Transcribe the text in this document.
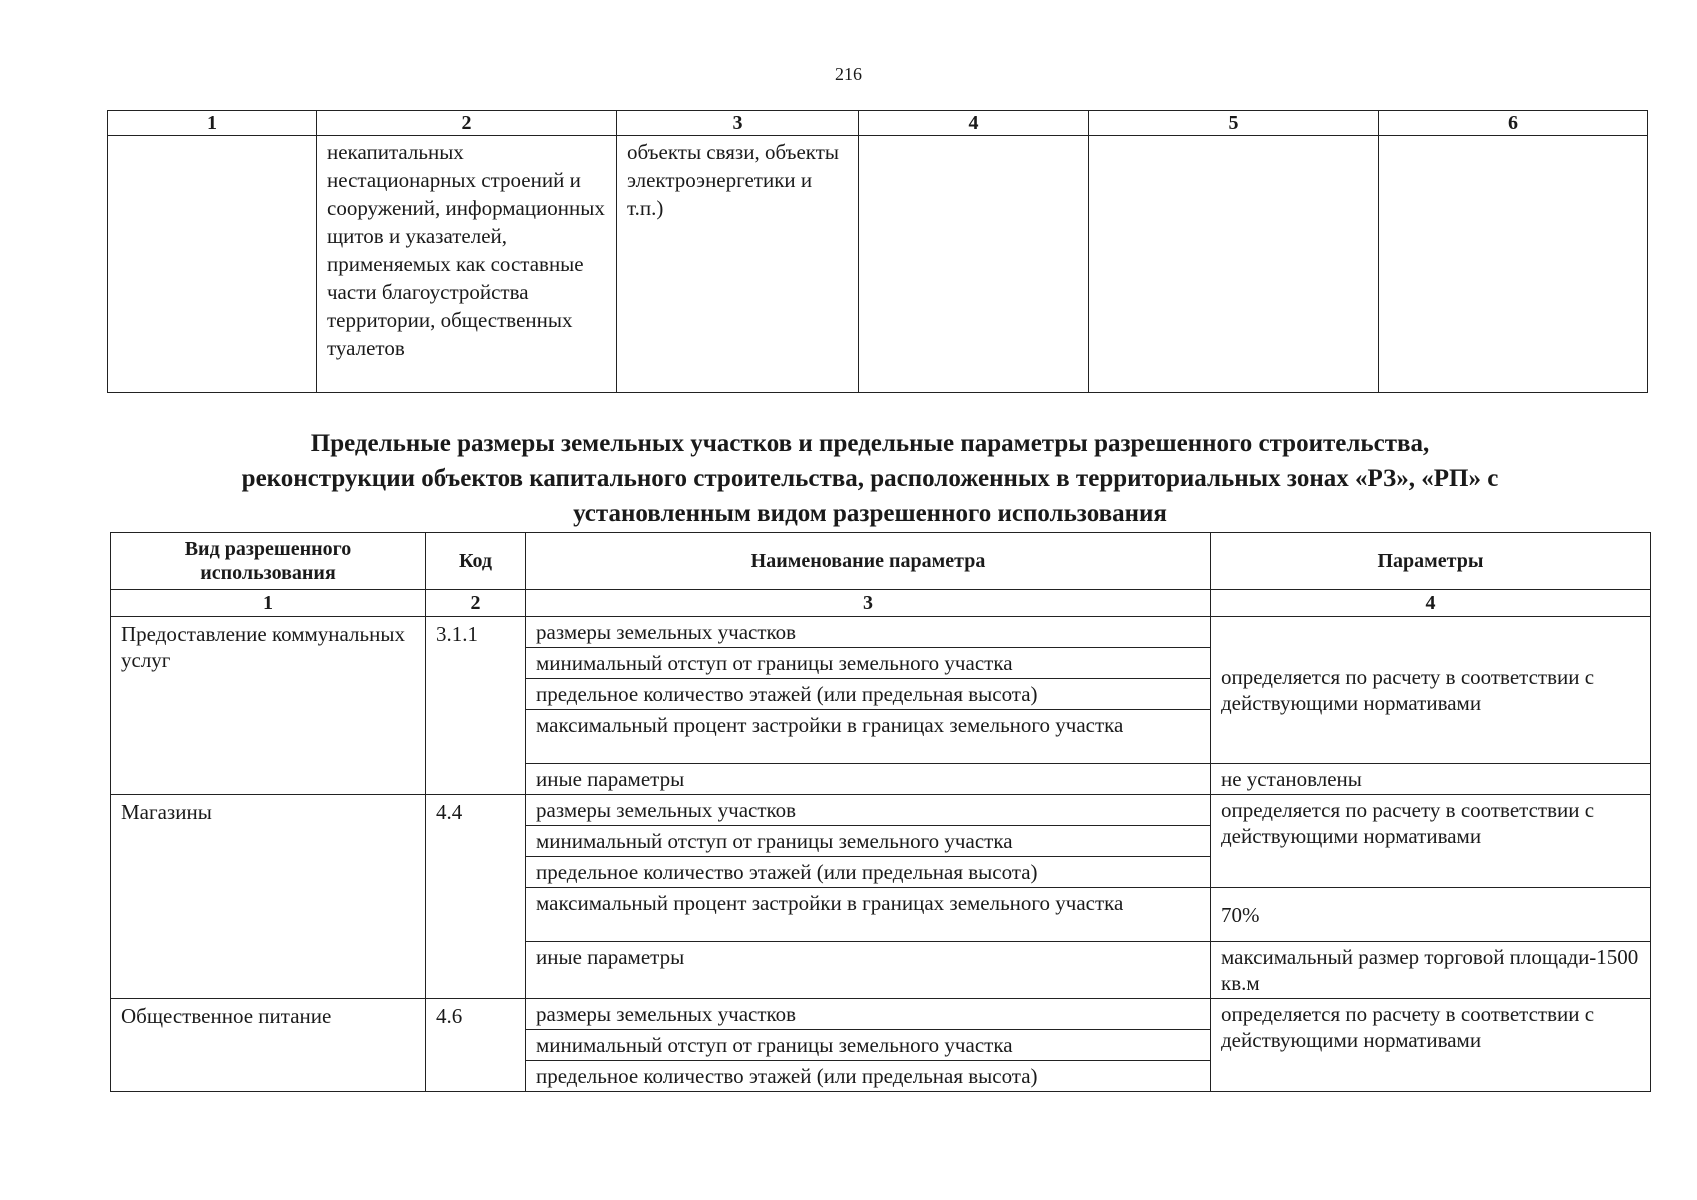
216
1	2	3	4	5	6
	некапитальных нестационарных строений и сооружений, информационных щитов и указателей, применяемых как составные части благоустройства территории, общественных туалетов	объекты связи, объекты электроэнергетики и т.п.)			
Предельные размеры земельных участков и предельные параметры разрешенного строительства,
реконструкции объектов капитального строительства, расположенных в территориальных зонах «РЗ», «РП» с
установленным видом разрешенного использования
Вид разрешенного использования	Код	Наименование параметра	Параметры
1	2	3	4
Предоставление коммунальных услуг	3.1.1	размеры земельных участков	определяется по расчету в соответствии с действующими нормативами
		минимальный отступ от границы земельного участка	
		предельное количество этажей (или предельная высота)	
		максимальный процент застройки в границах земельного участка	
		иные параметры	не установлены
Магазины	4.4	размеры земельных участков	определяется по расчету в соответствии с действующими нормативами
		минимальный отступ от границы земельного участка	
		предельное количество этажей (или предельная высота)	
		максимальный процент застройки в границах земельного участка	70%
		иные параметры	максимальный размер торговой площади-1500 кв.м
Общественное питание	4.6	размеры земельных участков	определяется по расчету в соответствии с действующими нормативами
		минимальный отступ от границы земельного участка	
		предельное количество этажей (или предельная высота)	
